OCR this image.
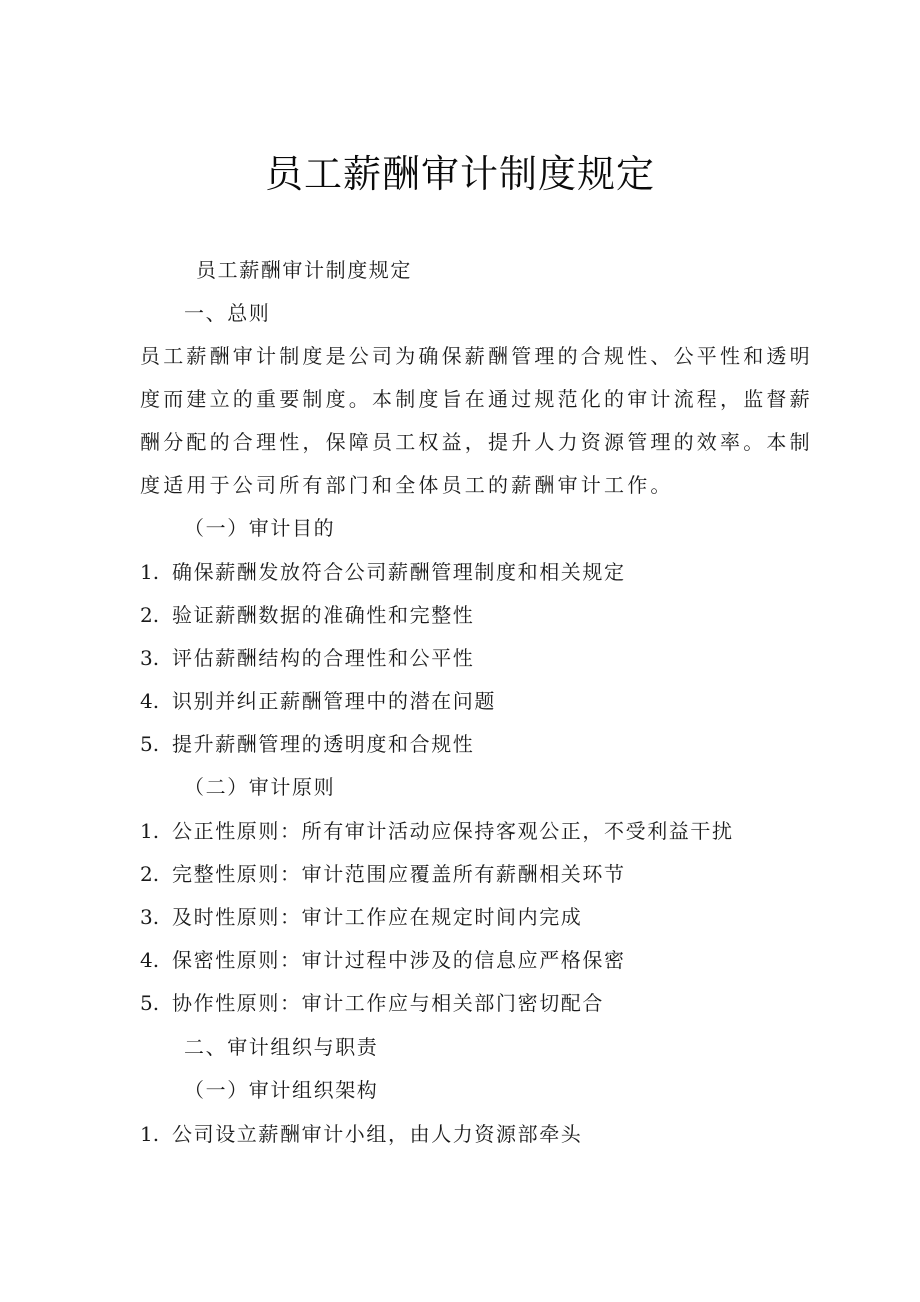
员工薪酬审计制度规定
员工薪酬审计制度规定
一、总则
员工薪酬审计制度是公司为确保薪酬管理的合规性、公平性和透明
度而建立的重要制度。本制度旨在通过规范化的审计流程，监督薪
酬分配的合理性，保障员工权益，提升人力资源管理的效率。本制
度适用于公司所有部门和全体员工的薪酬审计工作。
（一）审计目的
1. 确保薪酬发放符合公司薪酬管理制度和相关规定
2. 验证薪酬数据的准确性和完整性
3. 评估薪酬结构的合理性和公平性
4. 识别并纠正薪酬管理中的潜在问题
5. 提升薪酬管理的透明度和合规性
（二）审计原则
1. 公正性原则：所有审计活动应保持客观公正，不受利益干扰
2. 完整性原则：审计范围应覆盖所有薪酬相关环节
3. 及时性原则：审计工作应在规定时间内完成
4. 保密性原则：审计过程中涉及的信息应严格保密
5. 协作性原则：审计工作应与相关部门密切配合
二、审计组织与职责
（一）审计组织架构
1. 公司设立薪酬审计小组，由人力资源部牵头
